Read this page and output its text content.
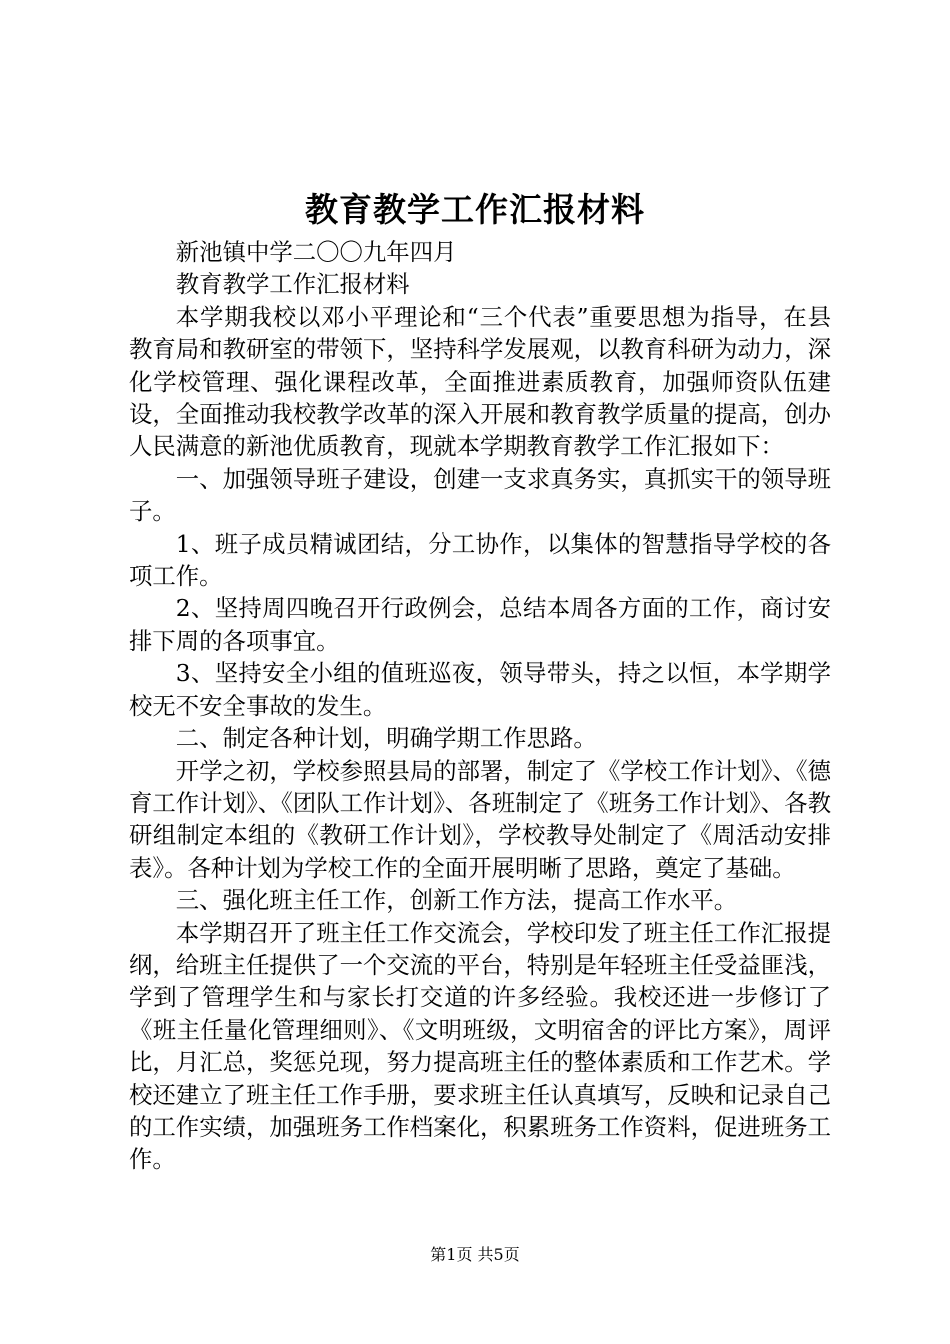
教育教学工作汇报材料

新池镇中学二〇〇九年四月

教育教学工作汇报材料

本学期我校以邓小平理论和“三个代表”重要思想为指导，在县教育局和教研室的带领下，坚持科学发展观，以教育科研为动力，深化学校管理、强化课程改革，全面推进素质教育，加强师资队伍建设，全面推动我校教学改革的深入开展和教育教学质量的提高，创办人民满意的新池优质教育，现就本学期教育教学工作汇报如下：

一、加强领导班子建设，创建一支求真务实，真抓实干的领导班子。

1、班子成员精诚团结，分工协作，以集体的智慧指导学校的各项工作。

2、坚持周四晚召开行政例会，总结本周各方面的工作，商讨安排下周的各项事宜。

3、坚持安全小组的值班巡夜，领导带头，持之以恒，本学期学校无不安全事故的发生。

二、制定各种计划，明确学期工作思路。

开学之初，学校参照县局的部署，制定了《学校工作计划》、《德育工作计划》、《团队工作计划》、各班制定了《班务工作计划》、各教研组制定本组的《教研工作计划》，学校教导处制定了《周活动安排表》。各种计划为学校工作的全面开展明晰了思路，奠定了基础。

三、强化班主任工作，创新工作方法，提高工作水平。

本学期召开了班主任工作交流会，学校印发了班主任工作汇报提纲，给班主任提供了一个交流的平台，特别是年轻班主任受益匪浅，学到了管理学生和与家长打交道的许多经验。我校还进一步修订了《班主任量化管理细则》、《文明班级，文明宿舍的评比方案》，周评比，月汇总，奖惩兑现，努力提高班主任的整体素质和工作艺术。学校还建立了班主任工作手册，要求班主任认真填写，反映和记录自己的工作实绩，加强班务工作档案化，积累班务工作资料，促进班务工作。

第1页 共5页
